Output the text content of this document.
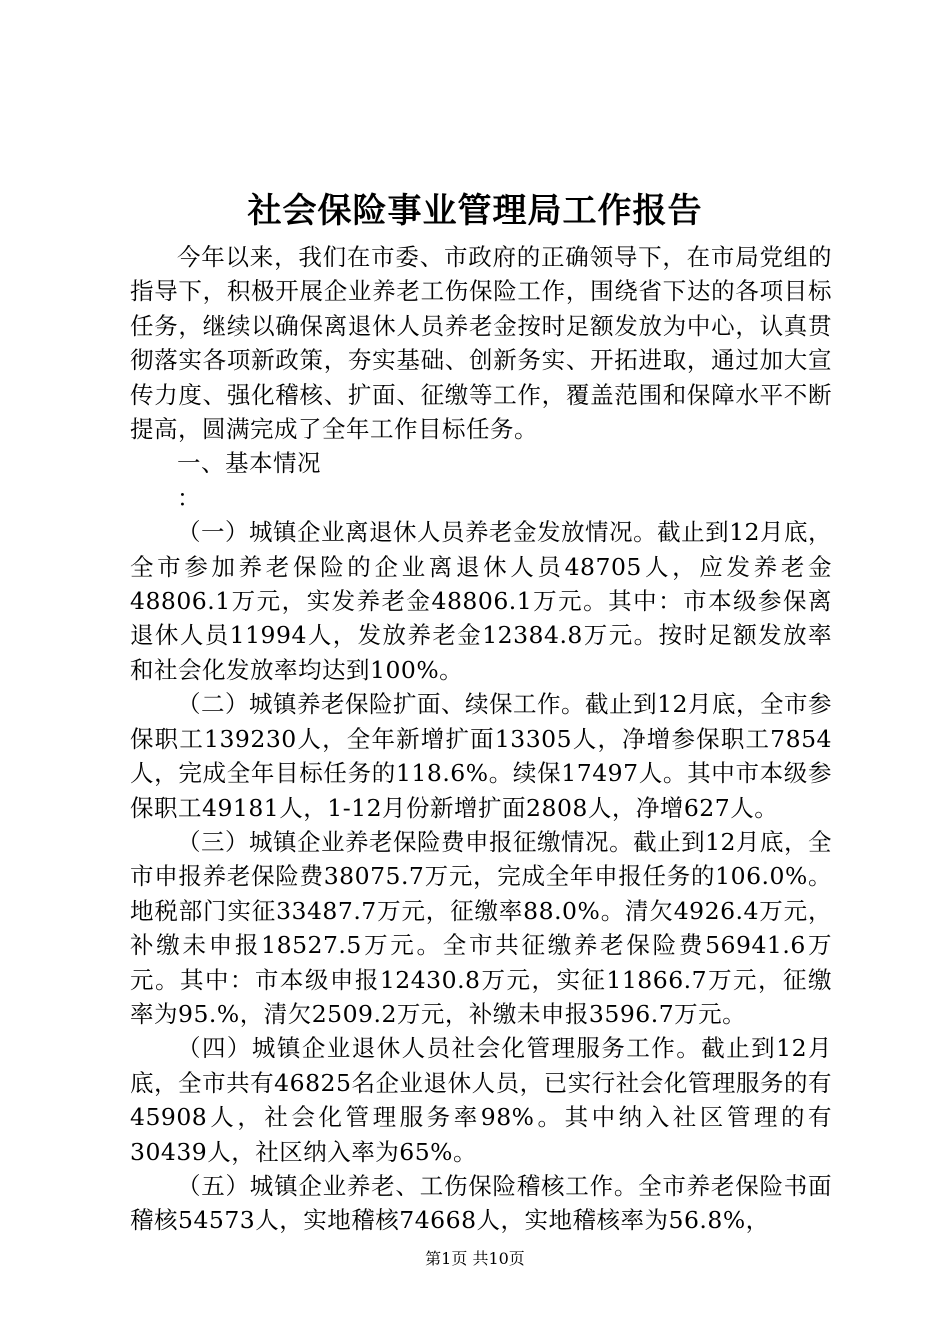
社会保险事业管理局工作报告

今年以来，我们在市委、市政府的正确领导下，在市局党组的指导下，积极开展企业养老工伤保险工作，围绕省下达的各项目标任务，继续以确保离退休人员养老金按时足额发放为中心，认真贯彻落实各项新政策，夯实基础、创新务实、开拓进取，通过加大宣传力度、强化稽核、扩面、征缴等工作，覆盖范围和保障水平不断提高，圆满完成了全年工作目标任务。

一、基本情况

：

（一）城镇企业离退休人员养老金发放情况。截止到12月底，全市参加养老保险的企业离退休人员48705人，应发养老金48806.1万元，实发养老金48806.1万元。其中：市本级参保离退休人员11994人，发放养老金12384.8万元。按时足额发放率和社会化发放率均达到100%。

（二）城镇养老保险扩面、续保工作。截止到12月底，全市参保职工139230人，全年新增扩面13305人，净增参保职工7854人，完成全年目标任务的118.6%。续保17497人。其中市本级参保职工49181人，1-12月份新增扩面2808人，净增627人。

（三）城镇企业养老保险费申报征缴情况。截止到12月底，全市申报养老保险费38075.7万元，完成全年申报任务的106.0%。地税部门实征33487.7万元，征缴率88.0%。清欠4926.4万元，补缴未申报18527.5万元。全市共征缴养老保险费56941.6万元。其中：市本级申报12430.8万元，实征11866.7万元，征缴率为95.%，清欠2509.2万元，补缴未申报3596.7万元。

（四）城镇企业退休人员社会化管理服务工作。截止到12月底，全市共有46825名企业退休人员，已实行社会化管理服务的有45908人，社会化管理服务率98%。其中纳入社区管理的有30439人，社区纳入率为65%。

（五）城镇企业养老、工伤保险稽核工作。全市养老保险书面稽核54573人，实地稽核74668人，实地稽核率为56.8%，

第1页 共10页
